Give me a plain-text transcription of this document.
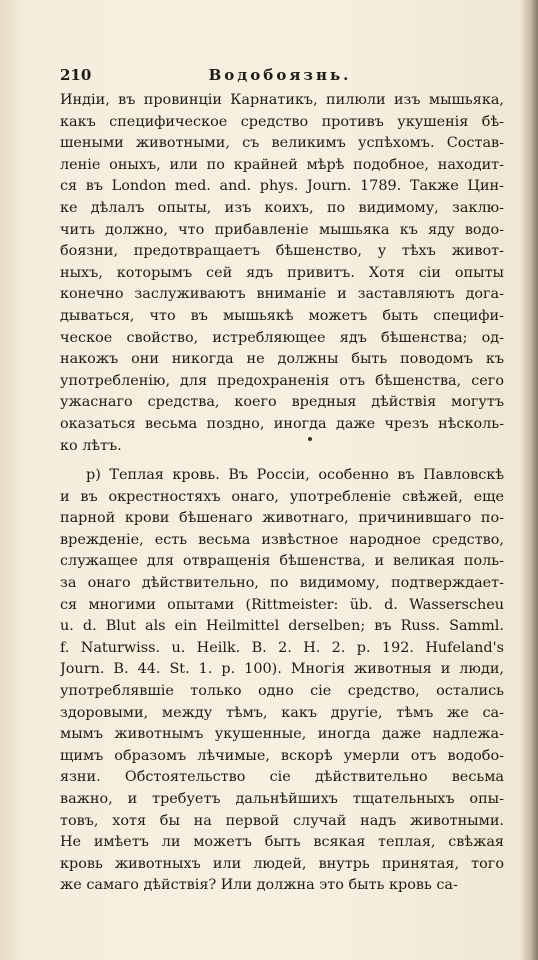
210	Водобоязнь.
Индіи, въ провинціи Карнатикъ, пилюли изъ мышьяка,
какъ специфическое средство противъ укушенія бѣ-
шеными животными, съ великимъ успѣхомъ. Состав-
леніе оныхъ, или по крайней мѣрѣ подобное, находит-
ся въ London med. and. phys. Journ. 1789. Также Цин-
ке дѣлалъ опыты, изъ коихъ, по видимому, заклю-
чить должно, что прибавленіе мышьяка къ яду водо-
боязни, предотвращаетъ бѣшенство, у тѣхъ живот-
ныхъ, которымъ сей ядъ привитъ. Хотя сіи опыты
конечно заслуживаютъ вниманіе и заставляютъ дога-
дываться, что въ мышьякѣ можетъ быть специфи-
ческое свойство, истребляющее ядъ бѣшенства; од-
накожъ они никогда не должны быть поводомъ къ
употребленію, для предохраненія отъ бѣшенства, сего
ужаснаго средства, коего вредныя дѣйствія могутъ
оказаться весьма поздно, иногда даже чрезъ нѣсколь-
ко лѣтъ.
р) Теплая кровь. Въ Россіи, особенно въ Павловскѣ
и въ окрестностяхъ онаго, употребленіе свѣжей, еще
парной крови бѣшенаго животнаго, причинившаго по-
врежденіе, есть весьма извѣстное народное средство,
служащее для отвращенія бѣшенства, и великая поль-
за онаго дѣйствительно, по видимому, подтверждает-
ся многими опытами (Rittmeister: üb. d. Wasserscheu
u. d. Blut als ein Heilmittel derselben; въ Russ. Samml.
f. Naturwiss. u. Heilk. B. 2. H. 2. p. 192. Hufeland's
Journ. B. 44. St. 1. p. 100). Многія животныя и люди,
употреблявшіе только одно сіе средство, остались
здоровыми, между тѣмъ, какъ другіе, тѣмъ же са-
мымъ животнымъ укушенные, иногда даже надлежа-
щимъ образомъ лѣчимые, вскорѣ умерли отъ водобо-
язни. Обстоятельство сіе дѣйствительно весьма
важно, и требуетъ дальнѣйшихъ тщательныхъ опы-
товъ, хотя бы на первой случай надъ животными.
Не имѣетъ ли можетъ быть всякая теплая, свѣжая
кровь животныхъ или людей, внутрь принятая, того
же самаго дѣйствія? Или должна это быть кровь са-
